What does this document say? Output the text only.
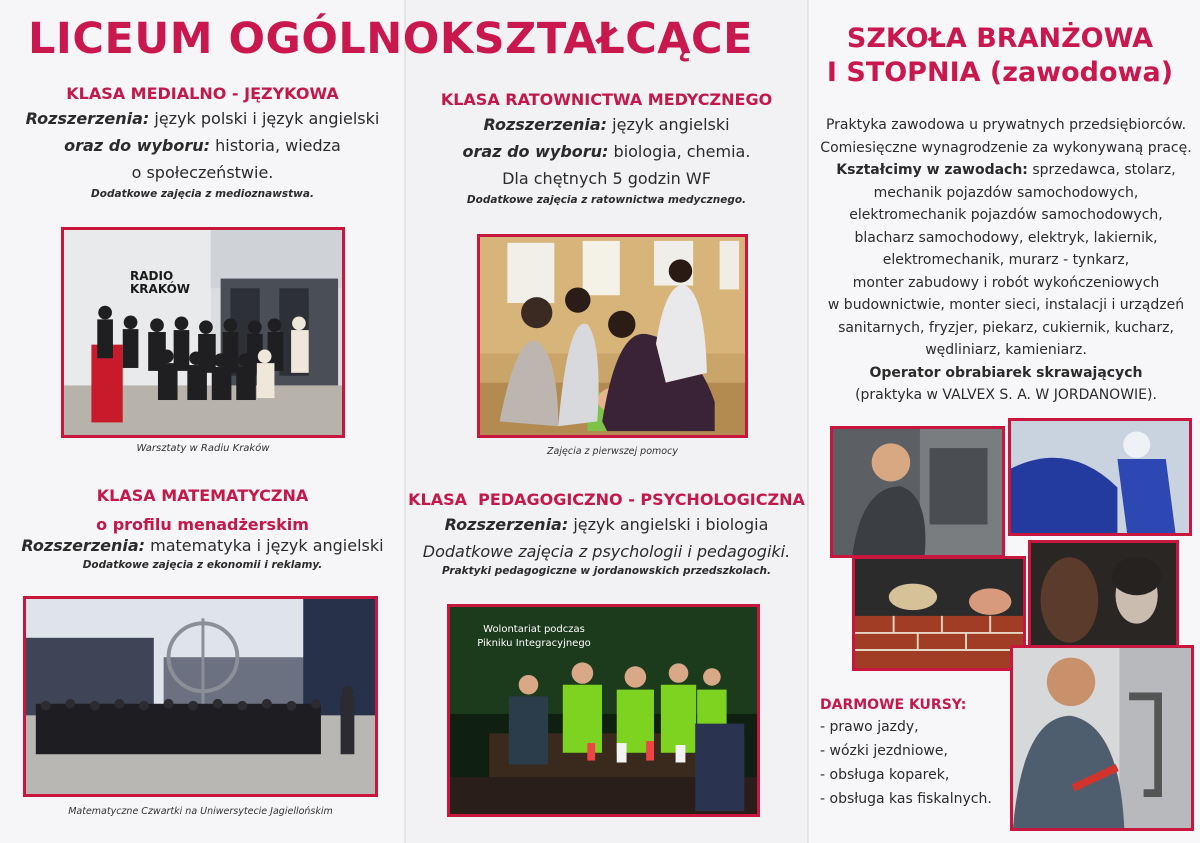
LICEUM OGÓLNOKSZTAŁCĄCE	SZKOŁA BRANŻOWA
I STOPNIA (zawodowa)
KLASA MEDIALNO - JĘZYKOWA
Rozszerzenia: język polski i język angielski
oraz do wyboru: historia, wiedza
o społeczeństwie.
Dodatkowe zajęcia z medioznawstwa.
RADIO KRAKÓW
Warsztaty w Radiu Kraków
KLASA RATOWNICTWA MEDYCZNEGO
Rozszerzenia: język angielski
oraz do wyboru: biologia, chemia.
Dla chętnych 5 godzin WF
Dodatkowe zajęcia z ratownictwa medycznego.
Zajęcia z pierwszej pomocy
KLASA MATEMATYCZNA
o profilu menadżerskim
Rozszerzenia: matematyka i język angielski
Dodatkowe zajęcia z ekonomii i reklamy.
Matematyczne Czwartki na Uniwersytecie Jagiellońskim
KLASA  PEDAGOGICZNO - PSYCHOLOGICZNA
Rozszerzenia: język angielski i biologia
Dodatkowe zajęcia z psychologii i pedagogiki.
Praktyki pedagogiczne w jordanowskich przedszkolach.
Wolontariat podczas
Pikniku Integracyjnego
Praktyka zawodowa u prywatnych przedsiębiorców.
Comiesięczne wynagrodzenie za wykonywaną pracę.
Kształcimy w zawodach: sprzedawca, stolarz,
mechanik pojazdów samochodowych,
elektromechanik pojazdów samochodowych,
blacharz samochodowy, elektryk, lakiernik,
elektromechanik, murarz - tynkarz,
monter zabudowy i robót wykończeniowych
w budownictwie, monter sieci, instalacji i urządzeń
sanitarnych, fryzjer, piekarz, cukiernik, kucharz,
wędliniarz, kamieniarz.
Operator obrabiarek skrawających
(praktyka w VALVEX S. A. W JORDANOWIE).
DARMOWE KURSY:
- prawo jazdy,
- wózki jezdniowe,
- obsługa koparek,
- obsługa kas fiskalnych.
